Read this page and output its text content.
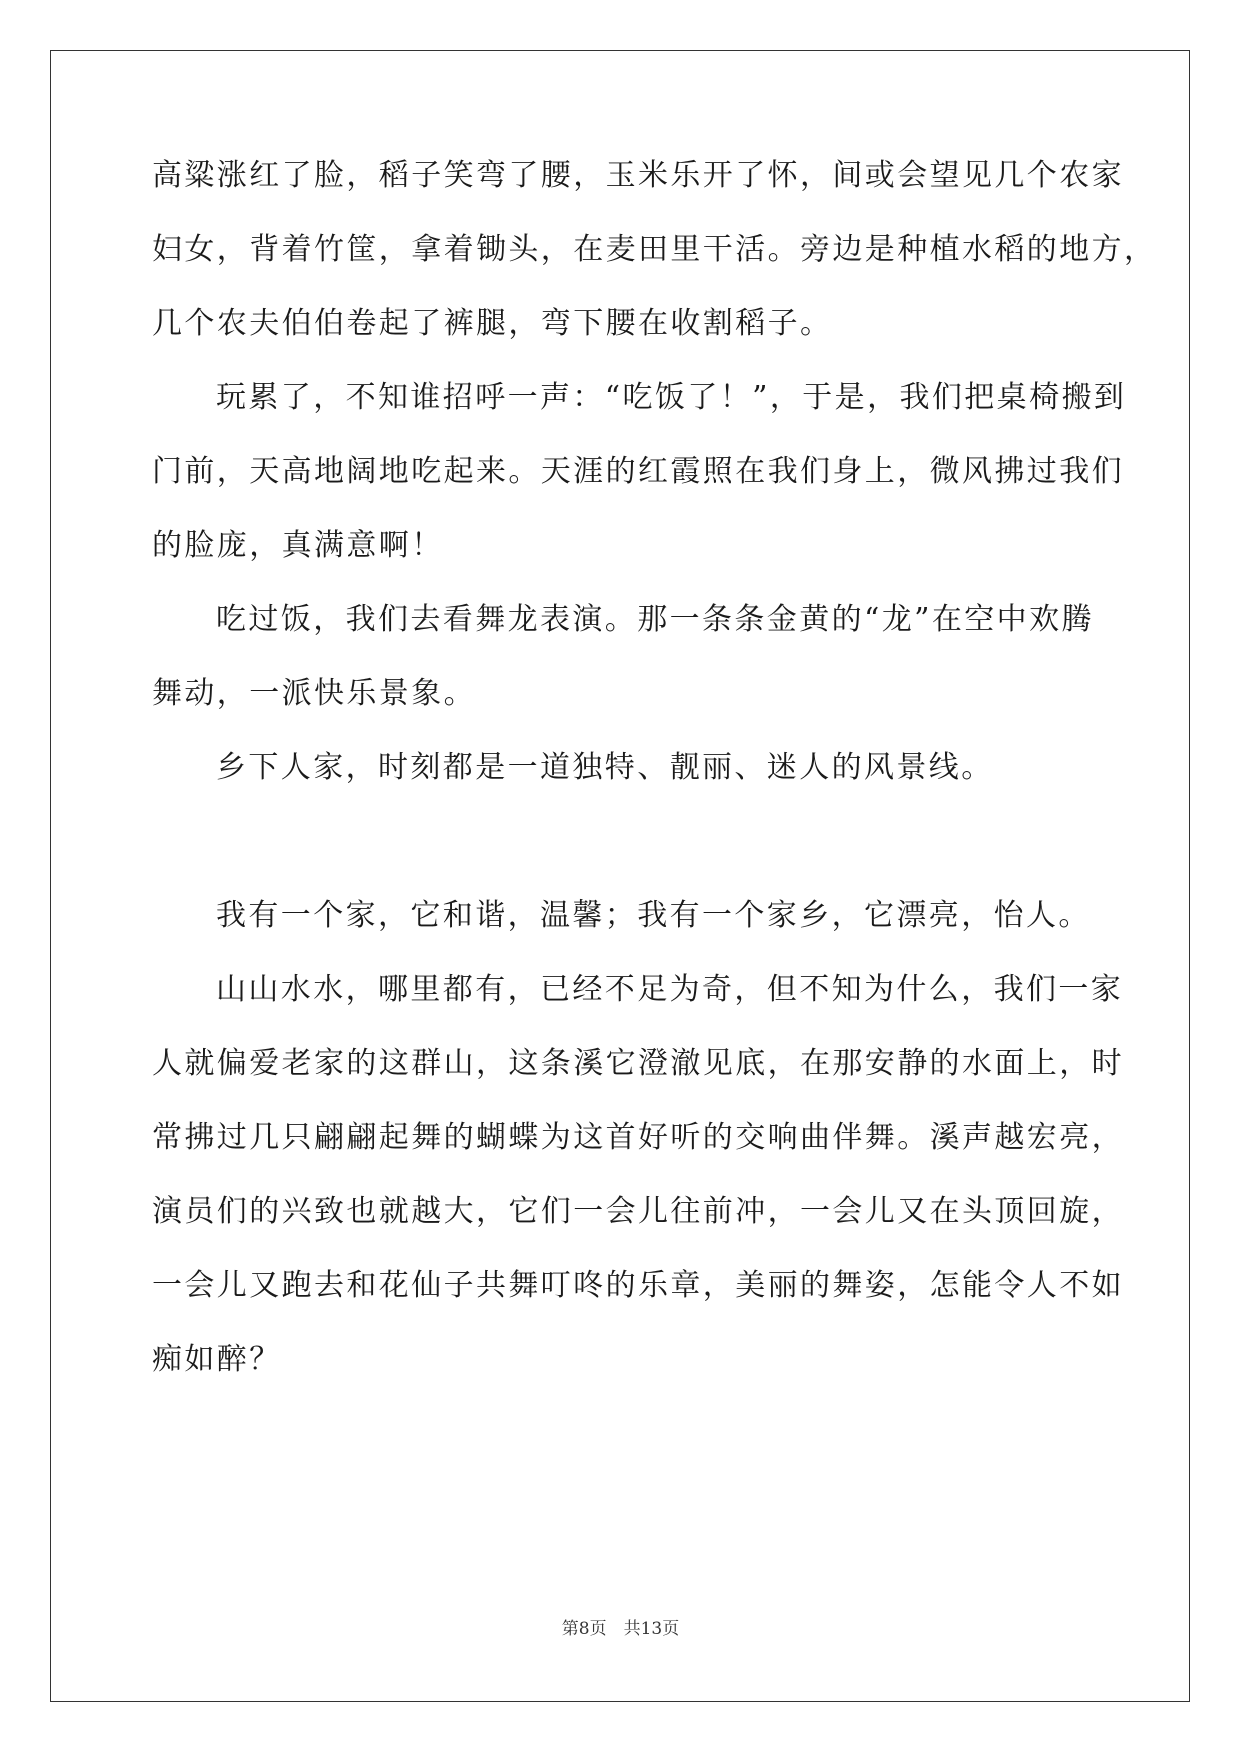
高粱涨红了脸，稻子笑弯了腰，玉米乐开了怀，间或会望见几个农家
妇女，背着竹筐，拿着锄头，在麦田里干活。旁边是种植水稻的地方，
几个农夫伯伯卷起了裤腿，弯下腰在收割稻子。
玩累了，不知谁招呼一声：“吃饭了！”，于是，我们把桌椅搬到
门前，天高地阔地吃起来。天涯的红霞照在我们身上，微风拂过我们
的脸庞，真满意啊！
吃过饭，我们去看舞龙表演。那一条条金黄的“龙”在空中欢腾
舞动，一派快乐景象。
乡下人家，时刻都是一道独特、靓丽、迷人的风景线。
我有一个家，它和谐，温馨；我有一个家乡，它漂亮，怡人。
山山水水，哪里都有，已经不足为奇，但不知为什么，我们一家
人就偏爱老家的这群山，这条溪它澄澈见底，在那安静的水面上，时
常拂过几只翩翩起舞的蝴蝶为这首好听的交响曲伴舞。溪声越宏亮，
演员们的兴致也就越大，它们一会儿往前冲，一会儿又在头顶回旋，
一会儿又跑去和花仙子共舞叮咚的乐章，美丽的舞姿，怎能令人不如
痴如醉？
第8页　共13页
